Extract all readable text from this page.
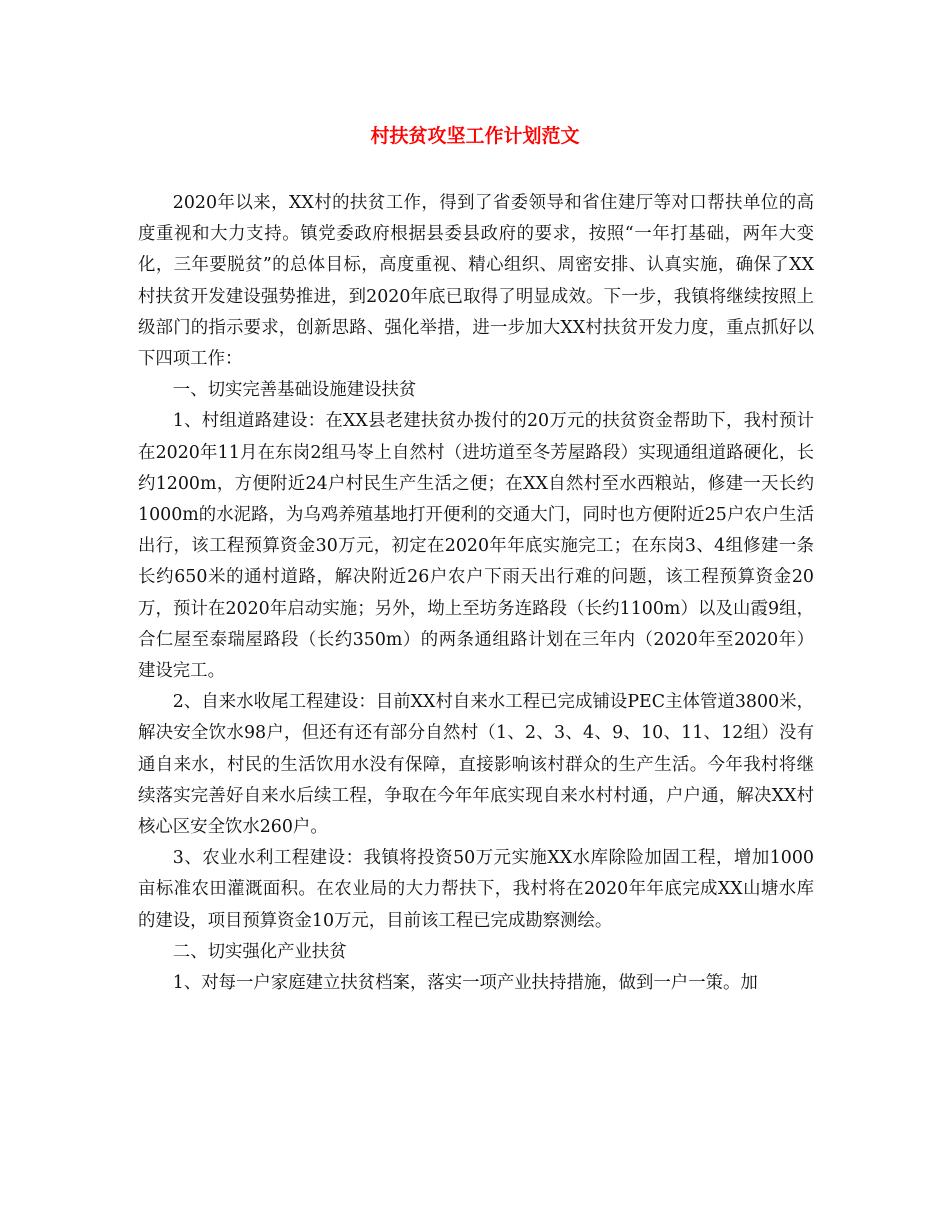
村扶贫攻坚工作计划范文

2020年以来，XX村的扶贫工作，得到了省委领导和省住建厅等对口帮扶单位的高度重视和大力支持。镇党委政府根据县委县政府的要求，按照“一年打基础，两年大变化，三年要脱贫”的总体目标，高度重视、精心组织、周密安排、认真实施，确保了XX村扶贫开发建设强势推进，到2020年底已取得了明显成效。下一步，我镇将继续按照上级部门的指示要求，创新思路、强化举措，进一步加大XX村扶贫开发力度，重点抓好以下四项工作：

一、切实完善基础设施建设扶贫

1、村组道路建设：在XX县老建扶贫办拨付的20万元的扶贫资金帮助下，我村预计在2020年11月在东岗2组马岺上自然村（进坊道至冬芳屋路段）实现通组道路硬化，长约1200m，方便附近24户村民生产生活之便；在XX自然村至水西粮站，修建一天长约1000m的水泥路，为乌鸡养殖基地打开便利的交通大门，同时也方便附近25户农户生活出行，该工程预算资金30万元，初定在2020年年底实施完工；在东岗3、4组修建一条长约650米的通村道路，解决附近26户农户下雨天出行难的问题，该工程预算资金20万，预计在2020年启动实施；另外，坳上至坊务连路段（长约1100m）以及山霞9组，合仁屋至泰瑞屋路段（长约350m）的两条通组路计划在三年内（2020年至2020年）建设完工。

2、自来水收尾工程建设：目前XX村自来水工程已完成铺设PEC主体管道3800米，解决安全饮水98户，但还有还有部分自然村（1、2、3、4、9、10、11、12组）没有通自来水，村民的生活饮用水没有保障，直接影响该村群众的生产生活。今年我村将继续落实完善好自来水后续工程，争取在今年年底实现自来水村村通，户户通，解决XX村核心区安全饮水260户。

3、农业水利工程建设：我镇将投资50万元实施XX水库除险加固工程，增加1000亩标准农田灌溉面积。在农业局的大力帮扶下，我村将在2020年年底完成XX山塘水库的建设，项目预算资金10万元，目前该工程已完成勘察测绘。

二、切实强化产业扶贫

1、对每一户家庭建立扶贫档案，落实一项产业扶持措施，做到一户一策。加
